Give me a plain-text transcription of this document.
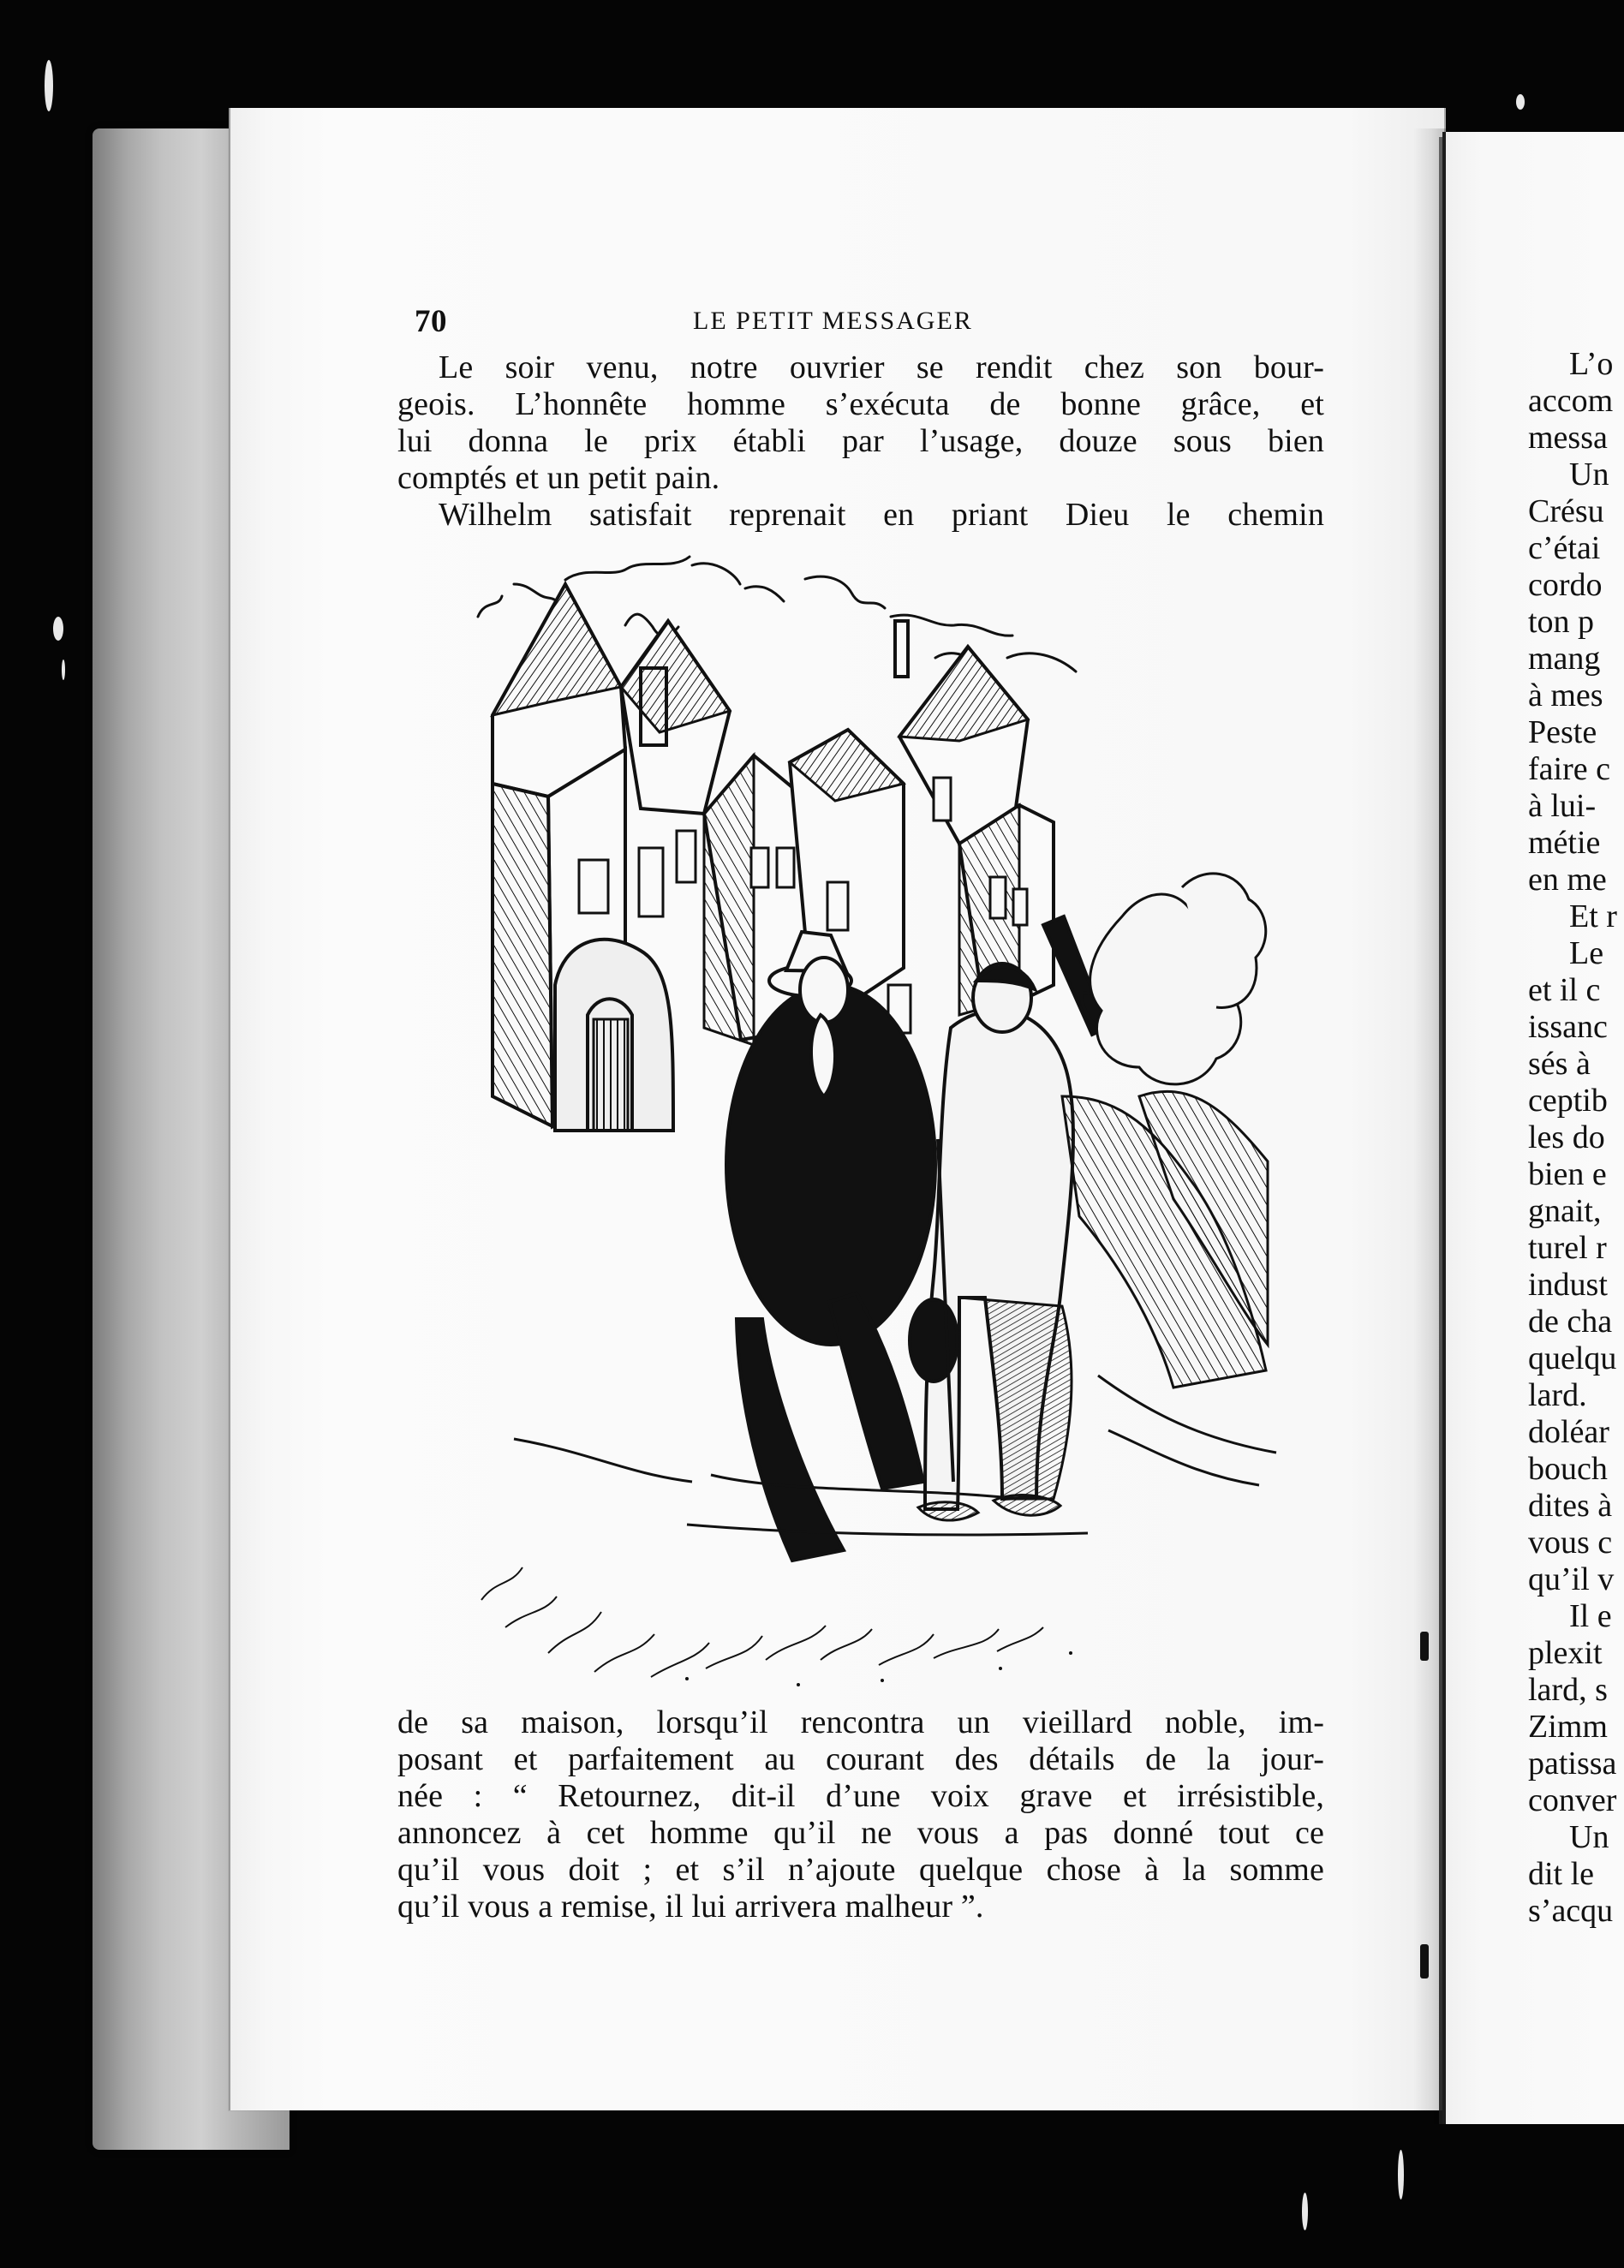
70	LE PETIT MESSAGER
Le soir venu, notre ouvrier se rendit chez son bour-
geois. L’honnête homme s’exécuta de bonne grâce, et
lui donna le prix établi par l’usage, douze sous bien
comptés et un petit pain.
Wilhelm satisfait reprenait en priant Dieu le chemin
de sa maison, lorsqu’il rencontra un vieillard noble, im-
posant et parfaitement au courant des détails de la jour-
née : “ Retournez, dit-il d’une voix grave et irrésistible,
annoncez à cet homme qu’il ne vous a pas donné tout ce
qu’il vous doit ; et s’il n’ajoute quelque chose à la somme
qu’il vous a remise, il lui arrivera malheur ”.
L’o
accom
messa
Un
Crésu
c’étai
cordo
ton p
mang
à mes
Peste
faire c
à lui-
métie
en me
Et r
Le
et il c
issanc
sés à
ceptib
les do
bien e
gnait,
turel r
indust
de cha
quelqu
lard.
doléar
bouch
dites à
vous c
qu’il v
Il e
plexit
lard, s
Zimm
patissa
conver
Un
dit le
s’acqu
